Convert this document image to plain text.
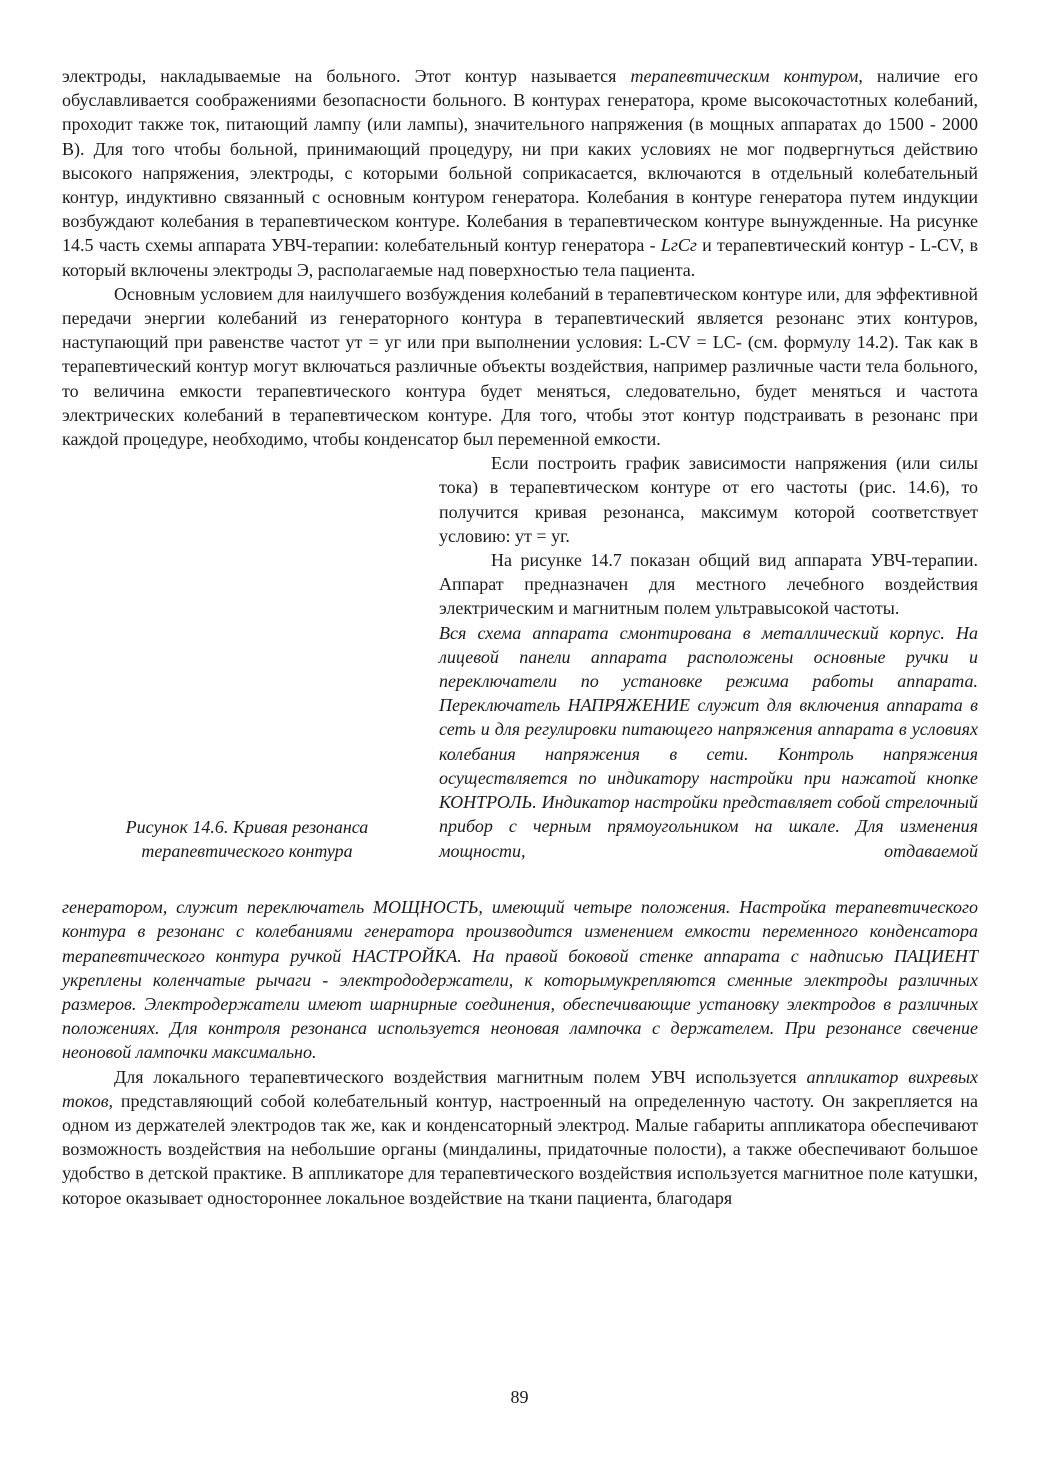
электроды, накладываемые на больного. Этот контур называется терапевтическим контуром, наличие его обуславливается соображениями безопасности больного. В контурах генератора, кроме высокочастотных колебаний, проходит также ток, питающий лампу (или лампы), значительного напряжения (в мощных аппаратах до 1500 - 2000 В). Для того чтобы больной, принимающий процедуру, ни при каких условиях не мог подвергнуться действию высокого напряжения, электроды, с которыми больной соприкасается, включаются в отдельный колебательный контур, индуктивно связанный с основным контуром генератора. Колебания в контуре генератора путем индукции возбуждают колебания в терапевтическом контуре. Колебания в терапевтическом контуре вынужденные. На рисунке 14.5 часть схемы аппарата УВЧ-терапии: колебательный контур генератора - LгCг и терапевтический контур - L-CV, в который включены электроды Э, располагаемые над поверхностью тела пациента.

Основным условием для наилучшего возбуждения колебаний в терапевтическом контуре или, для эффективной передачи энергии колебаний из генераторного контура в терапевтический является резонанс этих контуров, наступающий при равенстве частот ут = уг или при выполнении условия: L-CV = LC- (см. формулу 14.2). Так как в терапевтический контур могут включаться различные объекты воздействия, например различные части тела больного, то величина емкости терапевтического контура будет меняться, следовательно, будет меняться и частота электрических колебаний в терапевтическом контуре. Для того, чтобы этот контур подстраивать в резонанс при каждой процедуре, необходимо, чтобы конденсатор был переменной емкости.

Рисунок 14.6. Кривая резонанса терапевтического контура

Если построить график зависимости напряжения (или силы тока) в терапевтическом контуре от его частоты (рис. 14.6), то получится кривая резонанса, максимум которой соответствует условию: ут = уг.

На рисунке 14.7 показан общий вид аппарата УВЧ-терапии. Аппарат предназначен для местного лечебного воздействия электрическим и магнитным полем ультравысокой частоты.

Вся схема аппарата смонтирована в металлический корпус. На лицевой панели аппарата расположены основные ручки и переключатели по установке режима работы аппарата. Переключатель НАПРЯЖЕНИЕ служит для включения аппарата в сеть и для регулировки питающего напряжения аппарата в условиях колебания напряжения в сети. Контроль напряжения осуществляется по индикатору настройки при нажатой кнопке КОНТРОЛЬ. Индикатор настройки представляет собой стрелочный прибор с черным прямоугольником на шкале. Для изменения мощности, отдаваемой

генератором, служит переключатель МОЩНОСТЬ, имеющий четыре положения. Настройка терапевтического контура в резонанс с колебаниями генератора производится изменением емкости переменного конденсатора терапевтического контура ручкой НАСТРОЙКА. На правой боковой стенке аппарата с надписью ПАЦИЕНТ укреплены коленчатые рычаги - электрододержатели, к которымукрепляются сменные электроды различных размеров. Электродержатели имеют шарнирные соединения, обеспечивающие установку электродов в различных положениях. Для контроля резонанса используется неоновая лампочка с держателем. При резонансе свечение неоновой лампочки максимально.

Для локального терапевтического воздействия магнитным полем УВЧ используется аппликатор вихревых токов, представляющий собой колебательный контур, настроенный на определенную частоту. Он закрепляется на одном из держателей электродов так же, как и конденсаторный электрод. Малые габариты аппликатора обеспечивают возможность воздействия на небольшие органы (миндалины, придаточные полости), а также обеспечивают большое удобство в детской практике. В аппликаторе для терапевтического воздействия используется магнитное поле катушки, которое оказывает одностороннее локальное воздействие на ткани пациента, благодаря

89
